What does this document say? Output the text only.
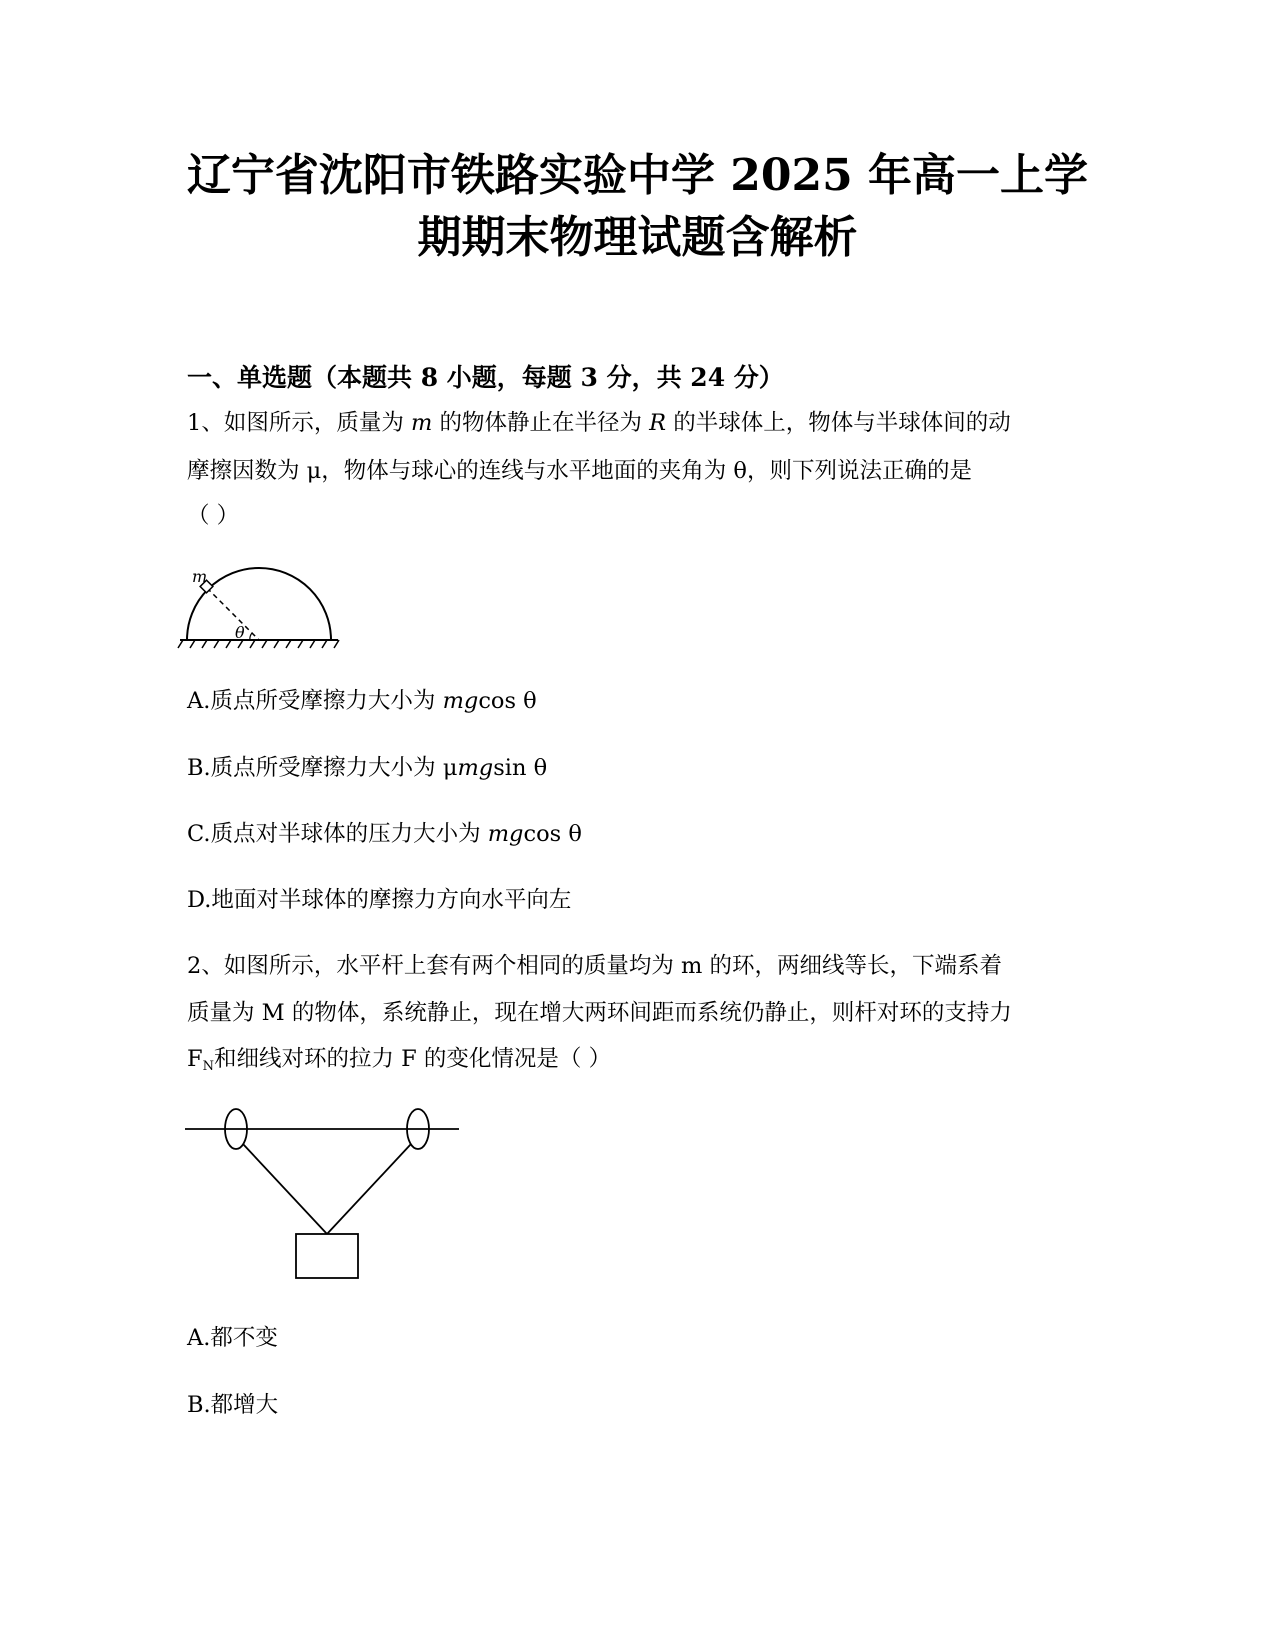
辽宁省沈阳市铁路实验中学 2025 年高一上学
期期末物理试题含解析
一、单选题（本题共 8 小题，每题 3 分，共 24 分）
1、如图所示，质量为 m 的物体静止在半径为 R 的半球体上，物体与半球体间的动
摩擦因数为 μ，物体与球心的连线与水平地面的夹角为 θ，则下列说法正确的是
（ ）
m
θ
A.质点所受摩擦力大小为 mgcos θ
B.质点所受摩擦力大小为 μmgsin θ
C.质点对半球体的压力大小为 mgcos θ
D.地面对半球体的摩擦力方向水平向左
2、如图所示，水平杆上套有两个相同的质量均为 m 的环，两细线等长，下端系着
质量为 M 的物体，系统静止，现在增大两环间距而系统仍静止，则杆对环的支持力
$F_N$和细线对环的拉力 F 的变化情况是（ ）
A.都不变
B.都增大
